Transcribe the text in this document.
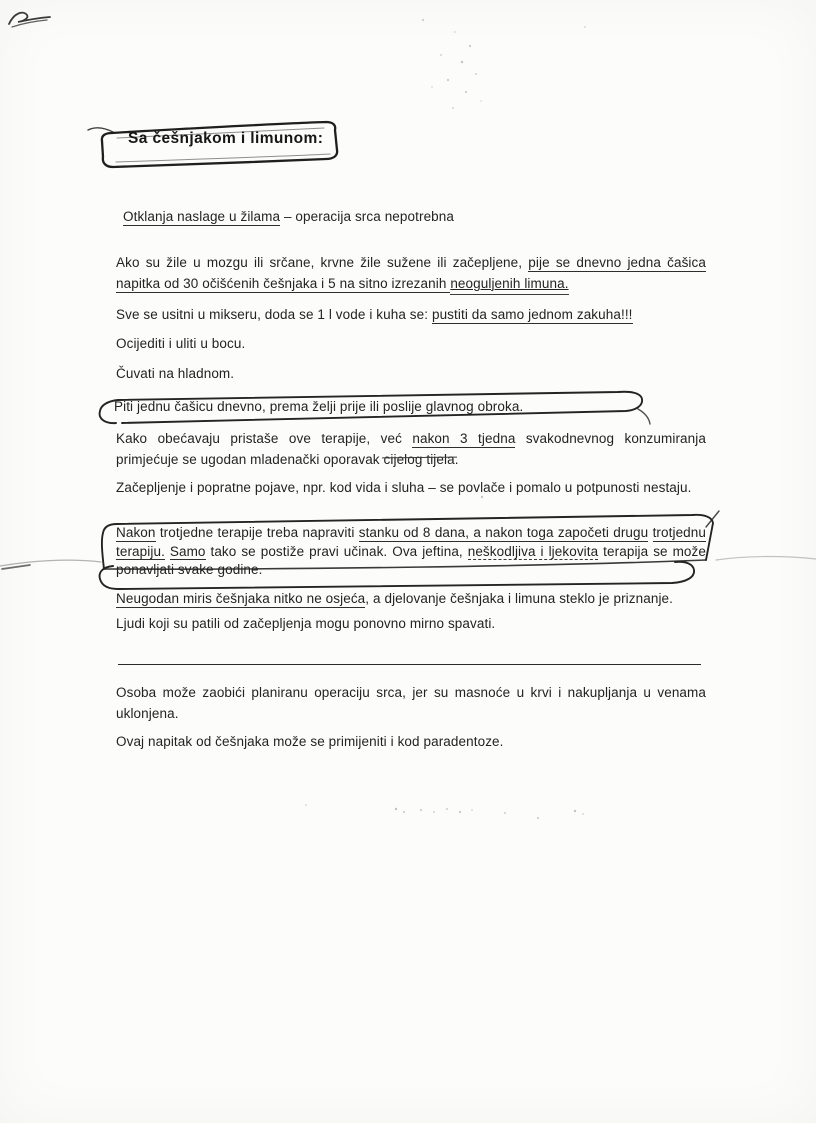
Sa češnjakom i limunom:
Otklanja naslage u žilama – operacija srca nepotrebna
Ako su žile u mozgu ili srčane, krvne žile sužene ili začepljene, pije se dnevno jedna čašica napitka od 30 očišćenih češnjaka i 5 na sitno izrezanih neoguljenih limuna.
Sve se usitni u mikseru, doda se 1 l vode i kuha se: pustiti da samo jednom zakuha!!!
Ocijediti i uliti u bocu.
Čuvati na hladnom.
Piti jednu čašicu dnevno, prema želji prije ili poslije glavnog obroka.
Kako obećavaju pristaše ove terapije, već nakon 3 tjedna svakodnevnog konzumiranja primjećuje se ugodan mladenački oporavak cijelog tijela.
Začepljenje i popratne pojave, npr. kod vida i sluha – se povlače i pomalo u potpunosti nestaju.
Nakon trotjedne terapije treba napraviti stanku od 8 dana, a nakon toga započeti drugu trotjednu terapiju. Samo tako se postiže pravi učinak. Ova jeftina, neškodljiva i ljekovita terapija se može ponavljati svake godine.
Neugodan miris češnjaka nitko ne osjeća, a djelovanje češnjaka i limuna steklo je priznanje.
Ljudi koji su patili od začepljenja mogu ponovno mirno spavati.
Osoba može zaobići planiranu operaciju srca, jer su masnoće u krvi i nakupljanja u venama uklonjena.
Ovaj napitak od češnjaka može se primijeniti i kod paradentoze.
